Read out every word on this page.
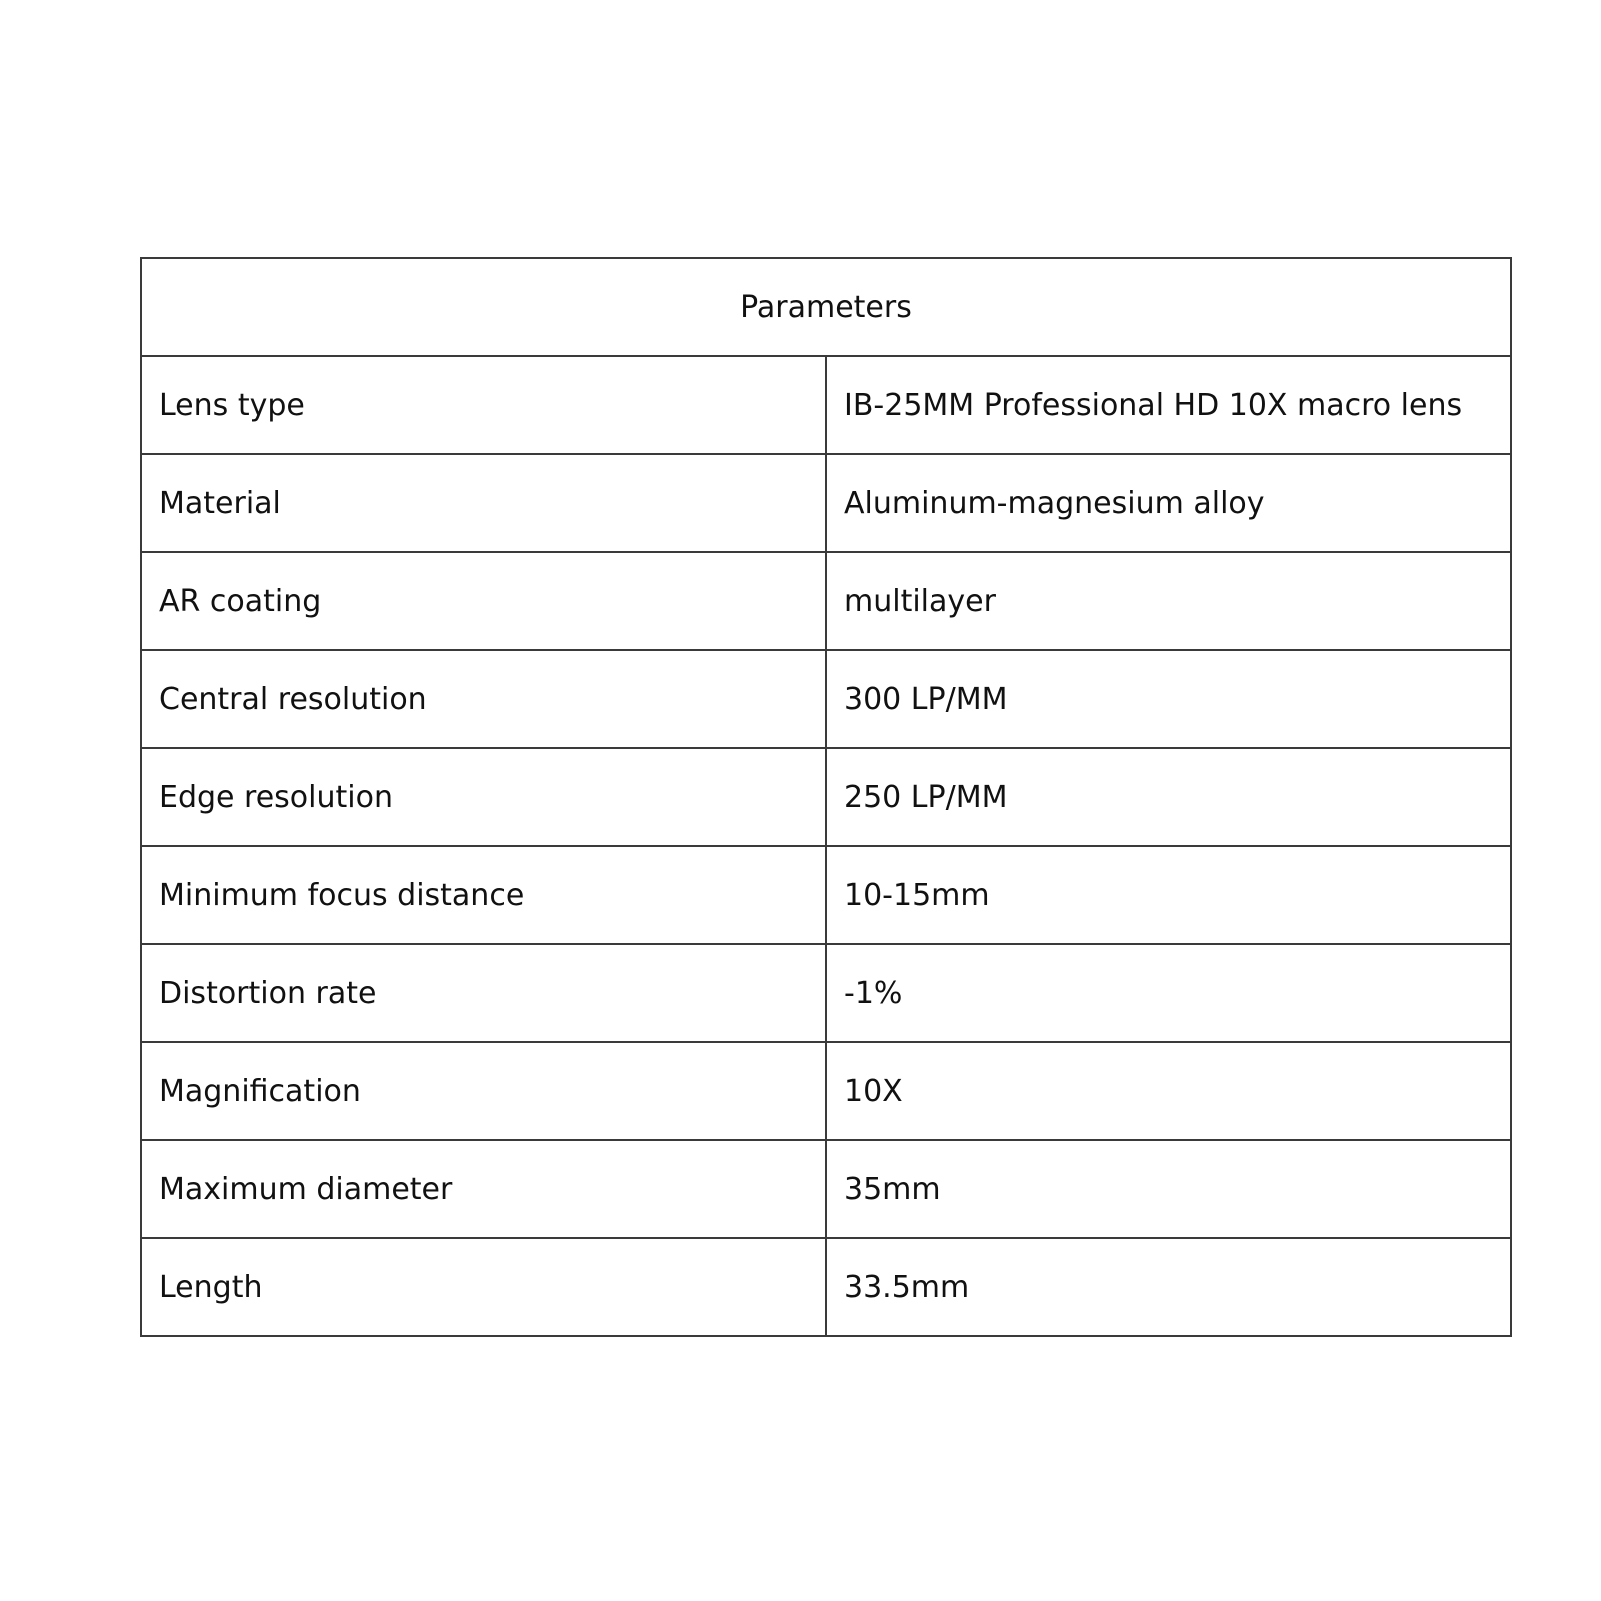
Parameters	
Lens type	IB-25MM Professional HD 10X macro lens
Material	Aluminum-magnesium alloy
AR coating	multilayer
Central resolution	300 LP/MM
Edge resolution	250 LP/MM
Minimum focus distance	10-15mm
Distortion rate	-1%
Magnification	10X
Maximum diameter	35mm
Length	33.5mm
